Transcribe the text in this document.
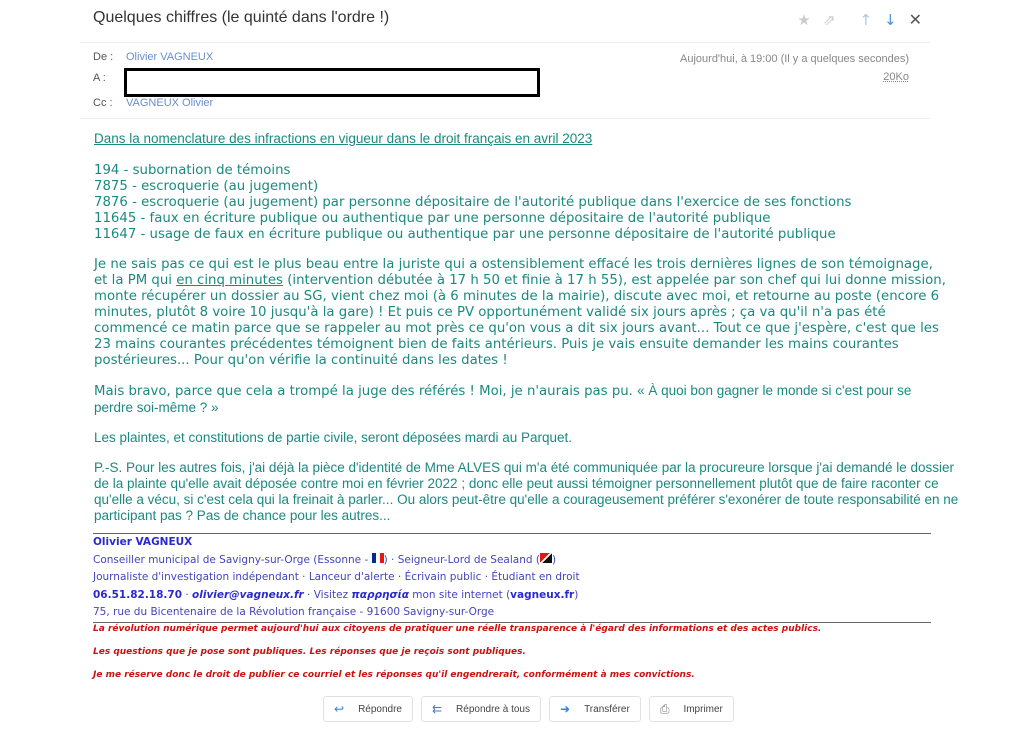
Quelques chiffres (le quinté dans l'ordre !)	★ ⇗ ↑ ↓ ✕
De : Olivier VAGNEUX
A :
Cc : VAGNEUX Olivier
Aujourd'hui, à 19:00 (Il y a quelques secondes)
20Ko
Dans la nomenclature des infractions en vigueur dans le droit français en avril 2023
194 - subornation de témoins
7875 - escroquerie (au jugement)
7876 - escroquerie (au jugement) par personne dépositaire de l'autorité publique dans l'exercice de ses fonctions
11645 - faux en écriture publique ou authentique par une personne dépositaire de l'autorité publique
11647 - usage de faux en écriture publique ou authentique par une personne dépositaire de l'autorité publique
Je ne sais pas ce qui est le plus beau entre la juriste qui a ostensiblement effacé les trois dernières lignes de son témoignage,
et la PM qui en cinq minutes (intervention débutée à 17 h 50 et finie à 17 h 55), est appelée par son chef qui lui donne mission,
monte récupérer un dossier au SG, vient chez moi (à 6 minutes de la mairie), discute avec moi, et retourne au poste (encore 6
minutes, plutôt 8 voire 10 jusqu'à la gare) ! Et puis ce PV opportunément validé six jours après ; ça va qu'il n'a pas été
commencé ce matin parce que se rappeler au mot près ce qu'on vous a dit six jours avant... Tout ce que j'espère, c'est que les
23 mains courantes précédentes témoignent bien de faits antérieurs. Puis je vais ensuite demander les mains courantes
postérieures... Pour qu'on vérifie la continuité dans les dates !
Mais bravo, parce que cela a trompé la juge des référés ! Moi, je n'aurais pas pu. « À quoi bon gagner le monde si c'est pour se
perdre soi-même ? »
Les plaintes, et constitutions de partie civile, seront déposées mardi au Parquet.
P.-S. Pour les autres fois, j'ai déjà la pièce d'identité de Mme ALVES qui m'a été communiquée par la procureure lorsque j'ai demandé le dossier
de la plainte qu'elle avait déposée contre moi en février 2022 ; donc elle peut aussi témoigner personnellement plutôt que de faire raconter ce
qu'elle a vécu, si c'est cela qui la freinait à parler... Ou alors peut-être qu'elle a courageusement préférer s'exonérer de toute responsabilité en ne
participant pas ? Pas de chance pour les autres...
Olivier VAGNEUX
Conseiller municipal de Savigny-sur-Orge (Essonne - ) · Seigneur-Lord de Sealand ( )
Journaliste d'investigation indépendant · Lanceur d'alerte · Écrivain public · Étudiant en droit
06.51.82.18.70 · olivier@vagneux.fr · Visitez παρρησία mon site internet (vagneux.fr)
75, rue du Bicentenaire de la Révolution française - 91600 Savigny-sur-Orge
La révolution numérique permet aujourd'hui aux citoyens de pratiquer une réelle transparence à l'égard des informations et des actes publics.
Les questions que je pose sont publiques. Les réponses que je reçois sont publiques.
Je me réserve donc le droit de publier ce courriel et les réponses qu'il engendrerait, conformément à mes convictions.
↩ Répondre	⇇ Répondre à tous	➜ Transférer	⎙ Imprimer
